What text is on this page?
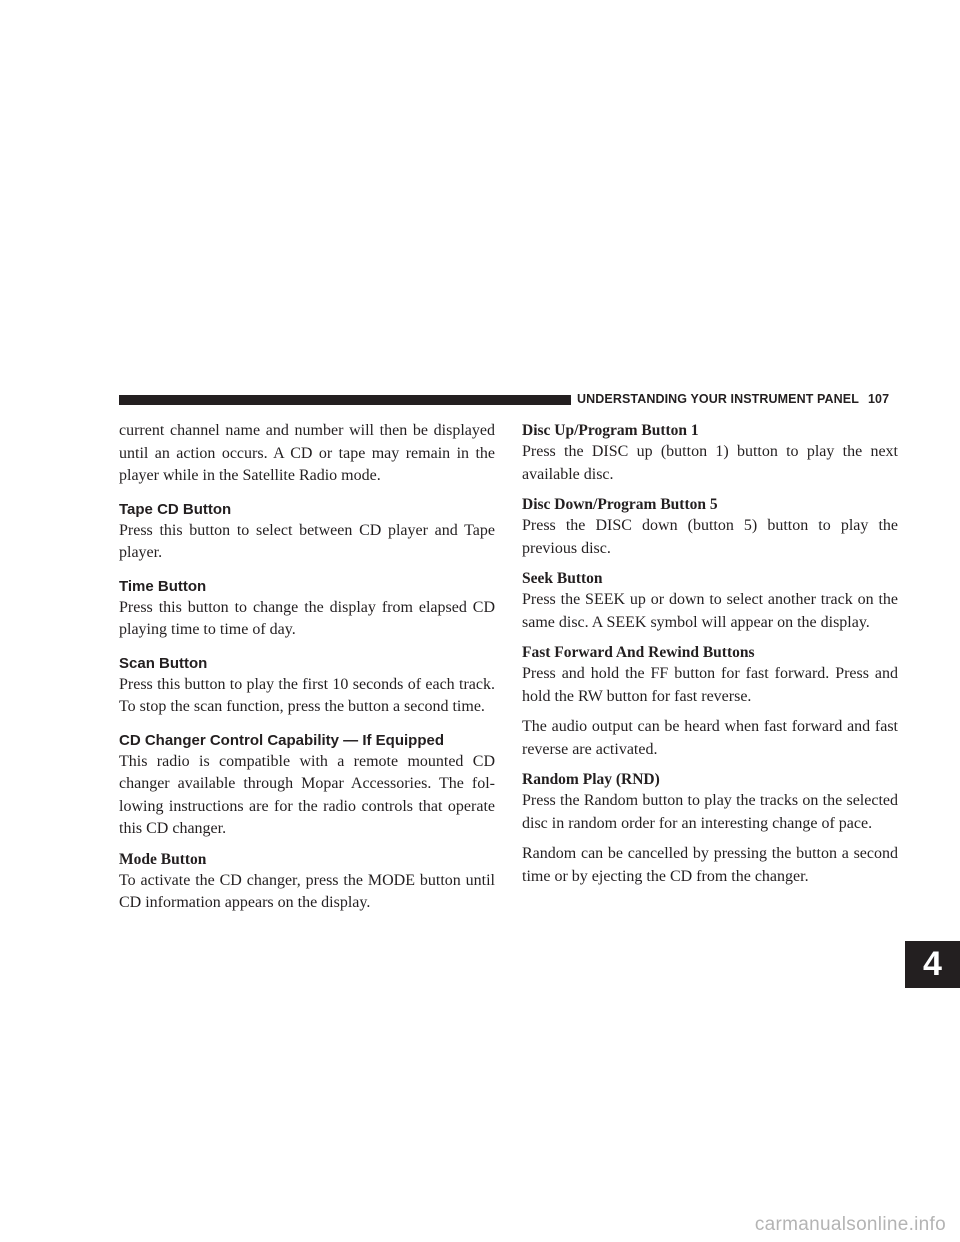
UNDERSTANDING YOUR INSTRUMENT PANEL 107
4

current channel name and number will then be displayed until an action occurs. A CD or tape may remain in the player while in the Satellite Radio mode.

Tape CD Button

Press this button to select between CD player and Tape player.

Time Button

Press this button to change the display from elapsed CD playing time to time of day.

Scan Button

Press this button to play the first 10 seconds of each track. To stop the scan function, press the button a second time.

CD Changer Control Capability — If Equipped

This radio is compatible with a remote mounted CD changer available through Mopar Accessories. The fol-lowing instructions are for the radio controls that operate this CD changer.

Mode Button

To activate the CD changer, press the MODE button until CD information appears on the display.

Disc Up/Program Button 1

Press the DISC up (button 1) button to play the next available disc.

Disc Down/Program Button 5

Press the DISC down (button 5) button to play the previous disc.

Seek Button

Press the SEEK up or down to select another track on the same disc. A SEEK symbol will appear on the display.

Fast Forward And Rewind Buttons

Press and hold the FF button for fast forward. Press and hold the RW button for fast reverse.

The audio output can be heard when fast forward and fast reverse are activated.

Random Play (RND)

Press the Random button to play the tracks on the selected disc in random order for an interesting change of pace.

Random can be cancelled by pressing the button a second time or by ejecting the CD from the changer.

carmanualsonline.info
